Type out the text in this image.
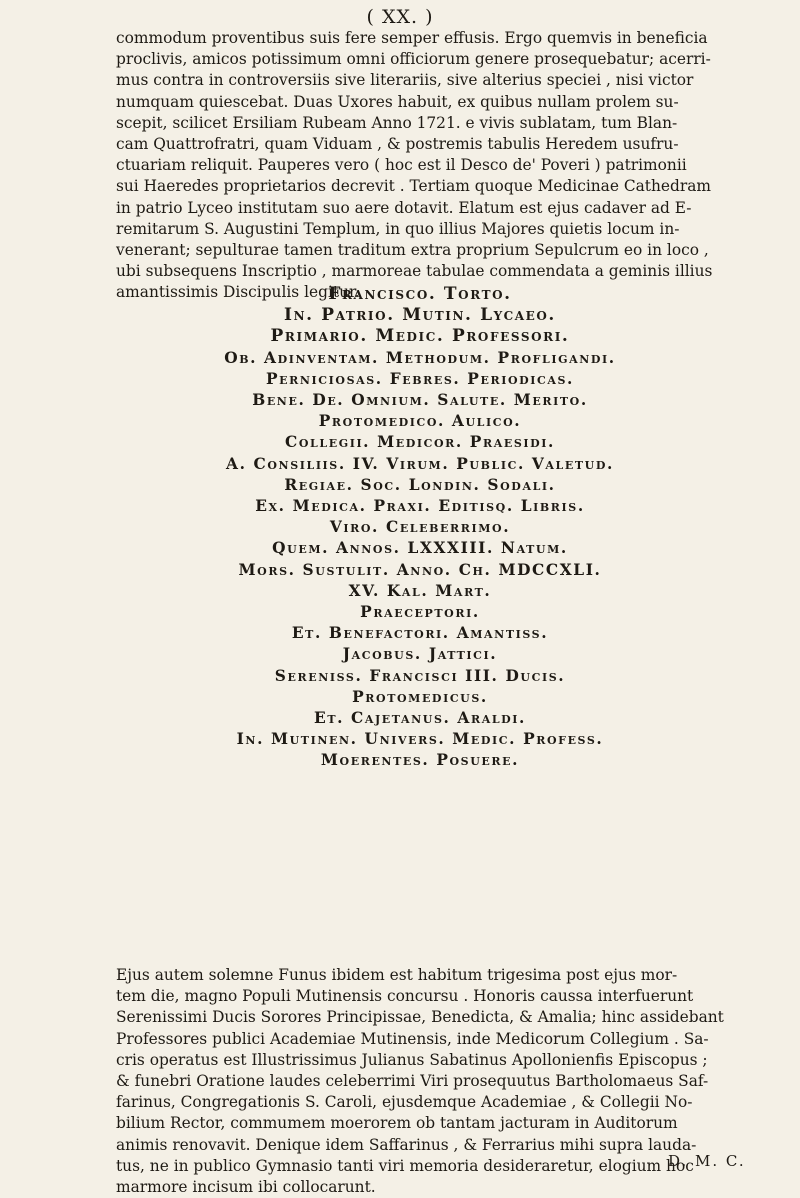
( XX. )
commodum proventibus suis fere semper effusis. Ergo quemvis in beneficia
proclivis, amicos potissimum omni officiorum genere prosequebatur; acerri-
mus contra in controversiis sive literariis, sive alterius speciei , nisi victor
numquam quiescebat. Duas Uxores habuit, ex quibus nullam prolem su-
scepit, scilicet Ersiliam Rubeam Anno 1721. e vivis sublatam, tum Blan-
cam Quattrofratri, quam Viduam , & postremis tabulis Heredem usufru-
ctuariam reliquit. Pauperes vero ( hoc est il Desco de' Poveri ) patrimonii
sui Haeredes proprietarios decrevit . Tertiam quoque Medicinae Cathedram
in patrio Lyceo institutam suo aere dotavit. Elatum est ejus cadaver ad E-
remitarum S. Augustini Templum, in quo illius Majores quietis locum in-
venerant; sepulturae tamen traditum extra proprium Sepulcrum eo in loco ,
ubi subsequens Inscriptio , marmoreae tabulae commendata a geminis illius
amantissimis Discipulis legitur.
Francisco. Torto.
In. Patrio. Mutin. Lycaeo.
Primario. Medic. Professori.
Ob. Adinventam. Methodum. Profligandi.
Perniciosas. Febres. Periodicas.
Bene. De. Omnium. Salute. Merito.
Protomedico. Aulico.
Collegii. Medicor. Praesidi.
A. Consiliis. IV. Virum. Public. Valetud.
Regiae. Soc. Londin. Sodali.
Ex. Medica. Praxi. Editisq. Libris.
Viro. Celeberrimo.
Quem. Annos. LXXXIII. Natum.
Mors. Sustulit. Anno. Ch. MDCCXLI.
XV. Kal. Mart.
Praeceptori.
Et. Benefactori. Amantiss.
Jacobus. Jattici.
Sereniss. Francisci III. Ducis.
Protomedicus.
Et. Cajetanus. Araldi.
In. Mutinen. Univers. Medic. Profess.
Moerentes. Posuere.
Ejus autem solemne Funus ibidem est habitum trigesima post ejus mor-
tem die, magno Populi Mutinensis concursu . Honoris caussa interfuerunt
Serenissimi Ducis Sorores Principissae, Benedicta, & Amalia; hinc assidebant
Professores publici Academiae Mutinensis, inde Medicorum Collegium . Sa-
cris operatus est Illustrissimus Julianus Sabatinus Apollonienfis Episcopus ;
& funebri Oratione laudes celeberrimi Viri prosequutus Bartholomaeus Saf-
farinus, Congregationis S. Caroli, ejusdemque Academiae , & Collegii No-
bilium Rector, commumem moerorem ob tantam jacturam in Auditorum
animis renovavit. Denique idem Saffarinus , & Ferrarius mihi supra lauda-
tus, ne in publico Gymnasio tanti viri memoria desideraretur, elogium hoc
marmore incisum ibi collocarunt.
D. M. C.
